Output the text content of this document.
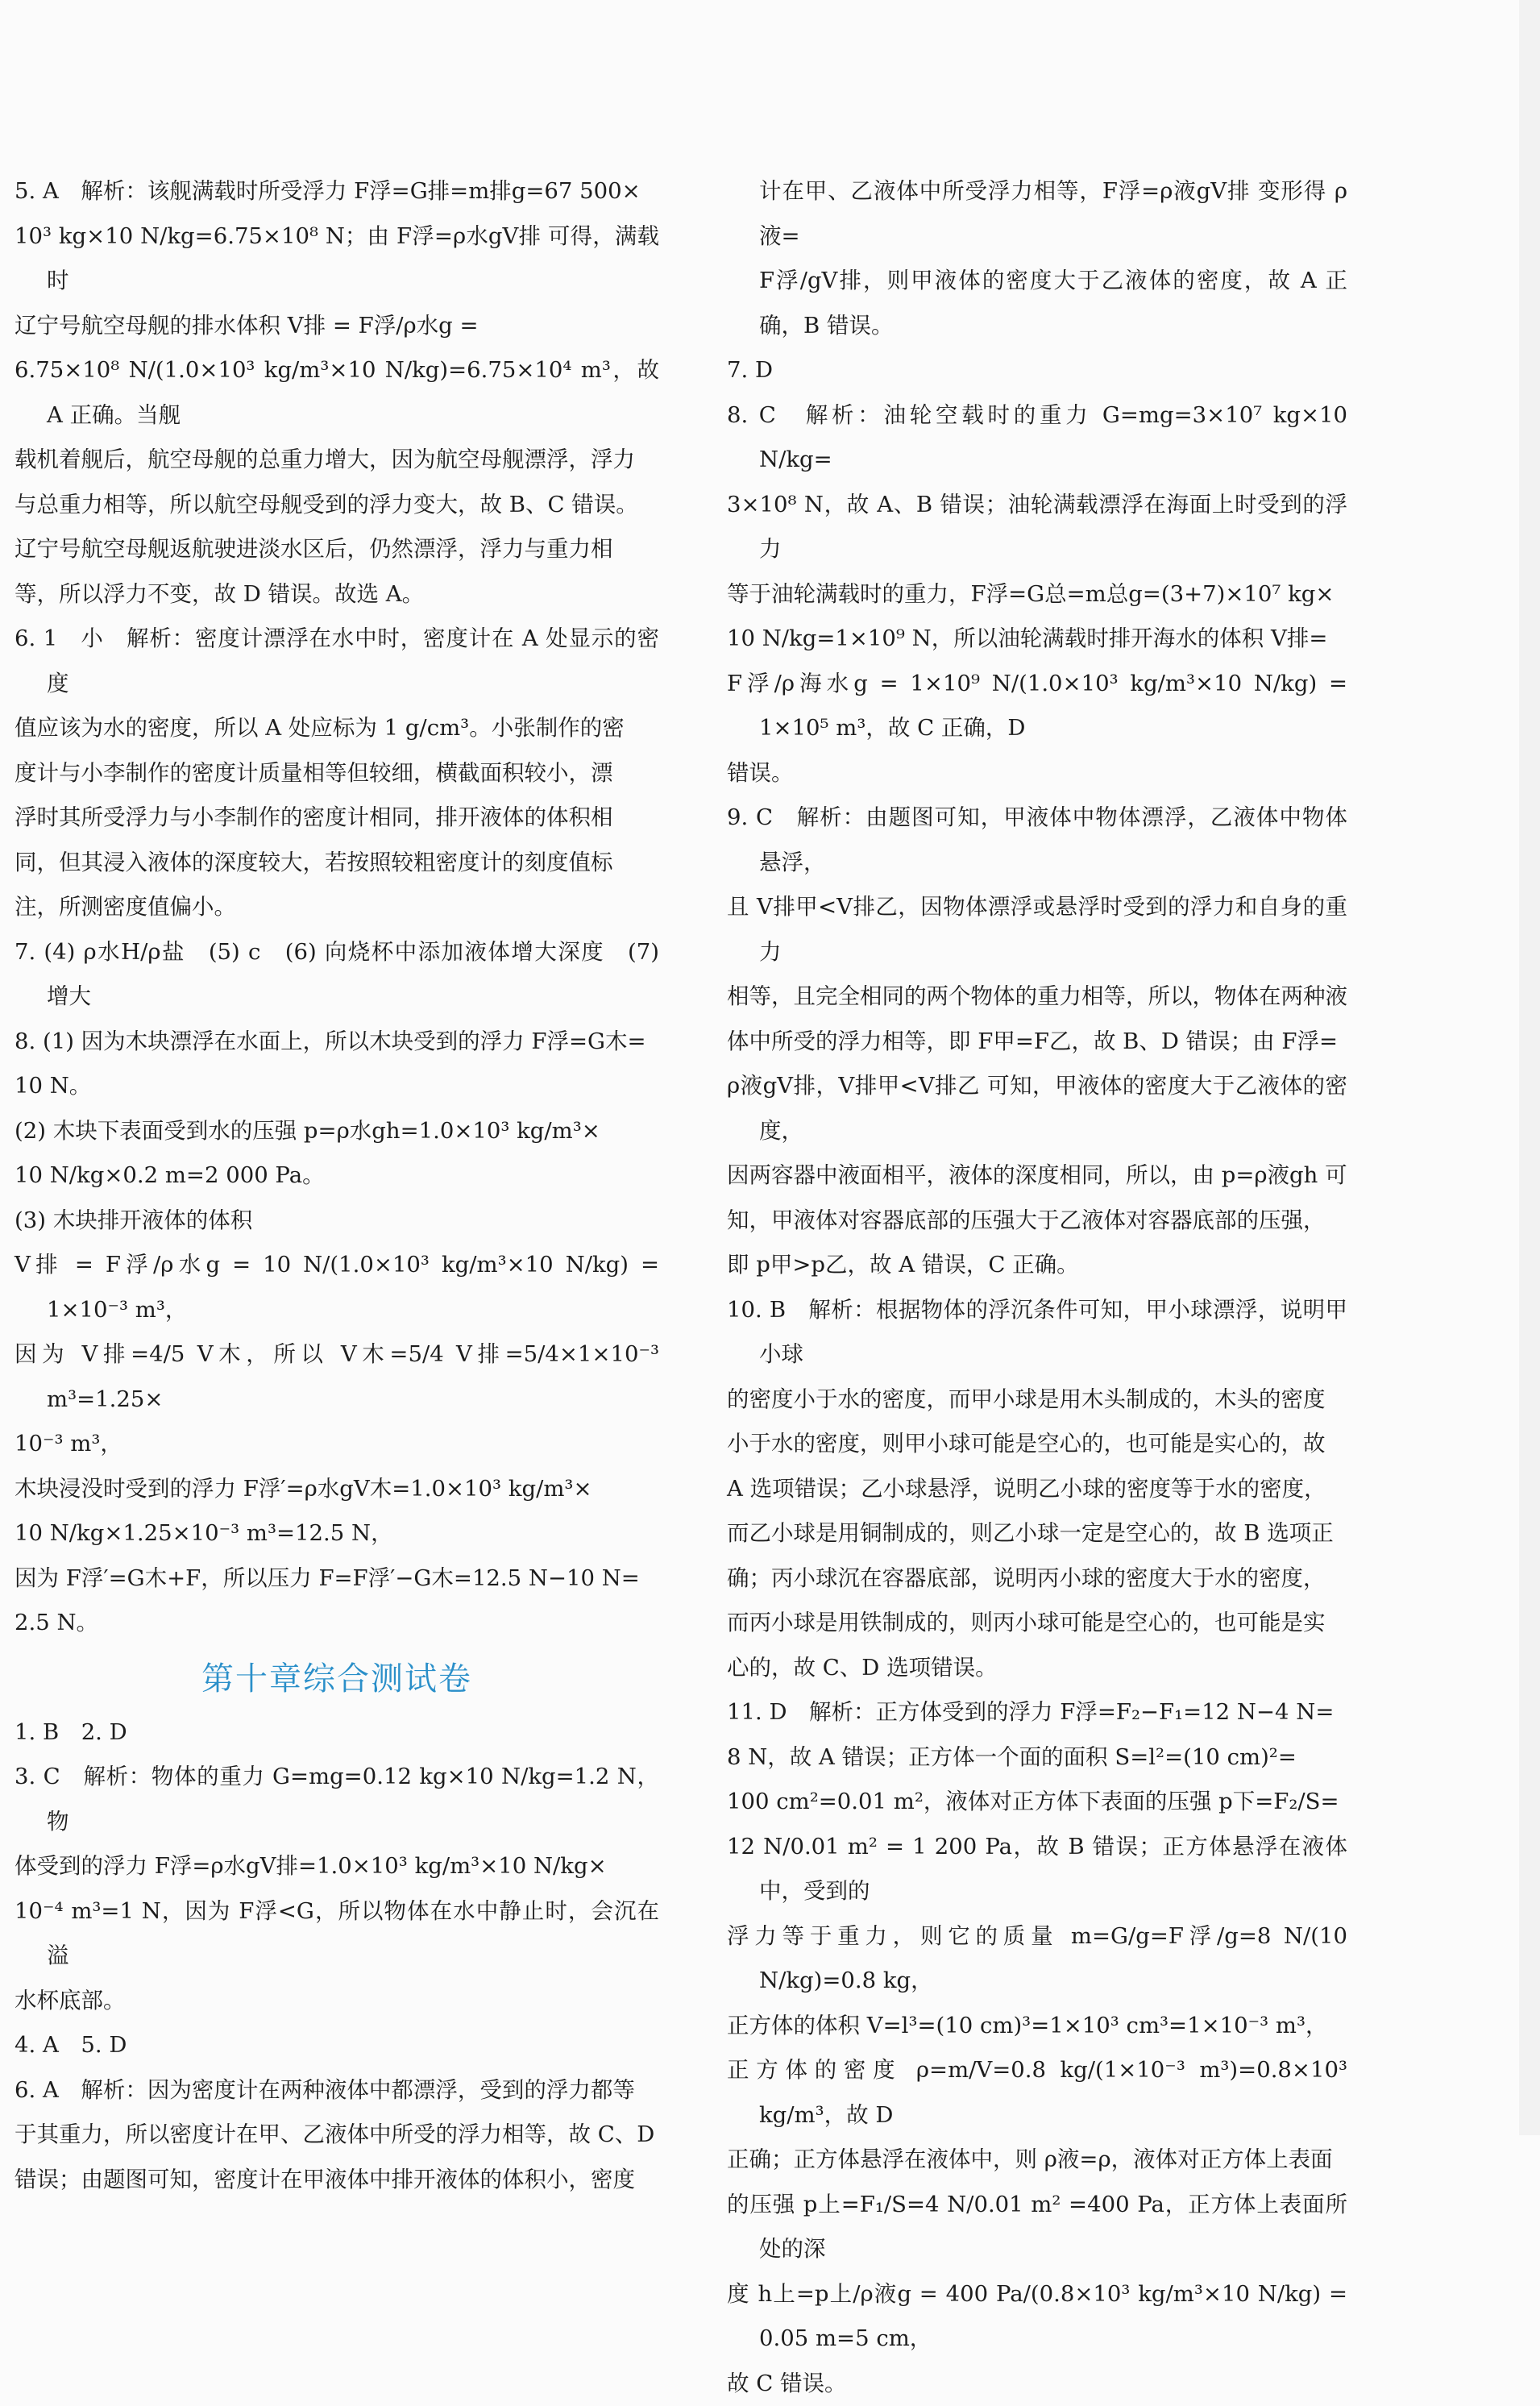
5. A　解析：该舰满载时所受浮力 F浮=G排=m排g=67 500×
10³ kg×10 N/kg=6.75×10⁸ N；由 F浮=ρ水gV排 可得，满载时
辽宁号航空母舰的排水体积 V排 = F浮/ρ水g =
6.75×10⁸ N/(1.0×10³ kg/m³×10 N/kg)=6.75×10⁴ m³，故 A 正确。当舰
载机着舰后，航空母舰的总重力增大，因为航空母舰漂浮，浮力
与总重力相等，所以航空母舰受到的浮力变大，故 B、C 错误。
辽宁号航空母舰返航驶进淡水区后，仍然漂浮，浮力与重力相
等，所以浮力不变，故 D 错误。故选 A。
6. 1　小　解析：密度计漂浮在水中时，密度计在 A 处显示的密度
值应该为水的密度，所以 A 处应标为 1 g/cm³。小张制作的密
度计与小李制作的密度计质量相等但较细，横截面积较小，漂
浮时其所受浮力与小李制作的密度计相同，排开液体的体积相
同，但其浸入液体的深度较大，若按照较粗密度计的刻度值标
注，所测密度值偏小。
7. (4) ρ水H/ρ盐　(5) c　(6) 向烧杯中添加液体增大深度　(7) 增大
8. (1) 因为木块漂浮在水面上，所以木块受到的浮力 F浮=G木=
10 N。
(2) 木块下表面受到水的压强 p=ρ水gh=1.0×10³ kg/m³×
10 N/kg×0.2 m=2 000 Pa。
(3) 木块排开液体的体积
V排 = F浮/ρ水g = 10 N/(1.0×10³ kg/m³×10 N/kg) = 1×10⁻³ m³，
因为 V排=4/5 V木，所以 V木=5/4 V排=5/4×1×10⁻³ m³=1.25×
10⁻³ m³，
木块浸没时受到的浮力 F浮′=ρ水gV木=1.0×10³ kg/m³×
10 N/kg×1.25×10⁻³ m³=12.5 N，
因为 F浮′=G木+F，所以压力 F=F浮′−G木=12.5 N−10 N=
2.5 N。
第十章综合测试卷
1. B　2. D
3. C　解析：物体的重力 G=mg=0.12 kg×10 N/kg=1.2 N，物
体受到的浮力 F浮=ρ水gV排=1.0×10³ kg/m³×10 N/kg×
10⁻⁴ m³=1 N，因为 F浮<G，所以物体在水中静止时，会沉在溢
水杯底部。
4. A　5. D
6. A　解析：因为密度计在两种液体中都漂浮，受到的浮力都等
于其重力，所以密度计在甲、乙液体中所受的浮力相等，故 C、D
错误；由题图可知，密度计在甲液体中排开液体的体积小，密度
计在甲、乙液体中所受浮力相等，F浮=ρ液gV排 变形得 ρ液=
F浮/gV排，则甲液体的密度大于乙液体的密度，故 A 正确，B 错误。
7. D
8. C　解析：油轮空载时的重力 G=mg=3×10⁷ kg×10 N/kg=
3×10⁸ N，故 A、B 错误；油轮满载漂浮在海面上时受到的浮力
等于油轮满载时的重力，F浮=G总=m总g=(3+7)×10⁷ kg×
10 N/kg=1×10⁹ N，所以油轮满载时排开海水的体积 V排=
F浮/ρ海水g = 1×10⁹ N/(1.0×10³ kg/m³×10 N/kg) = 1×10⁵ m³，故 C 正确，D
错误。
9. C　解析：由题图可知，甲液体中物体漂浮，乙液体中物体悬浮，
且 V排甲<V排乙，因物体漂浮或悬浮时受到的浮力和自身的重力
相等，且完全相同的两个物体的重力相等，所以，物体在两种液
体中所受的浮力相等，即 F甲=F乙，故 B、D 错误；由 F浮=
ρ液gV排，V排甲<V排乙 可知，甲液体的密度大于乙液体的密度，
因两容器中液面相平，液体的深度相同，所以，由 p=ρ液gh 可
知，甲液体对容器底部的压强大于乙液体对容器底部的压强，
即 p甲>p乙，故 A 错误，C 正确。
10. B　解析：根据物体的浮沉条件可知，甲小球漂浮，说明甲小球
的密度小于水的密度，而甲小球是用木头制成的，木头的密度
小于水的密度，则甲小球可能是空心的，也可能是实心的，故
A 选项错误；乙小球悬浮，说明乙小球的密度等于水的密度，
而乙小球是用铜制成的，则乙小球一定是空心的，故 B 选项正
确；丙小球沉在容器底部，说明丙小球的密度大于水的密度，
而丙小球是用铁制成的，则丙小球可能是空心的，也可能是实
心的，故 C、D 选项错误。
11. D　解析：正方体受到的浮力 F浮=F₂−F₁=12 N−4 N=
8 N，故 A 错误；正方体一个面的面积 S=l²=(10 cm)²=
100 cm²=0.01 m²，液体对正方体下表面的压强 p下=F₂/S=
12 N/0.01 m² = 1 200 Pa，故 B 错误；正方体悬浮在液体中，受到的
浮力等于重力，则它的质量 m=G/g=F浮/g=8 N/(10 N/kg)=0.8 kg，
正方体的体积 V=l³=(10 cm)³=1×10³ cm³=1×10⁻³ m³，
正方体的密度 ρ=m/V=0.8 kg/(1×10⁻³ m³)=0.8×10³ kg/m³，故 D
正确；正方体悬浮在液体中，则 ρ液=ρ，液体对正方体上表面
的压强 p上=F₁/S=4 N/0.01 m² =400 Pa，正方体上表面所处的深
度 h上=p上/ρ液g = 400 Pa/(0.8×10³ kg/m³×10 N/kg) = 0.05 m=5 cm，
故 C 错误。
